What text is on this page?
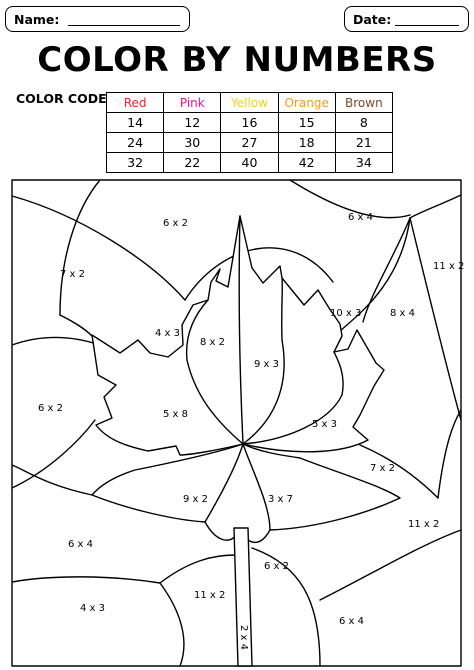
Name:	Date:
COLOR BY NUMBERS
COLOR CODE Red	Pink	Yellow	Orange	Brown
14	12	16	15	8
24	30	27	18	21
32	22	40	42	34
6 x 2
6 x 4
7 x 2
11 x 2
4 x 3
8 x 2
10 x 3	8 x 4
9 x 3
6 x 2
5 x 8
5 x 3
7 x 2
9 x 2	3 x 7
11 x 2
6 x 4
6 x 2
11 x 2
4 x 3
6 x 4
2 x 4
